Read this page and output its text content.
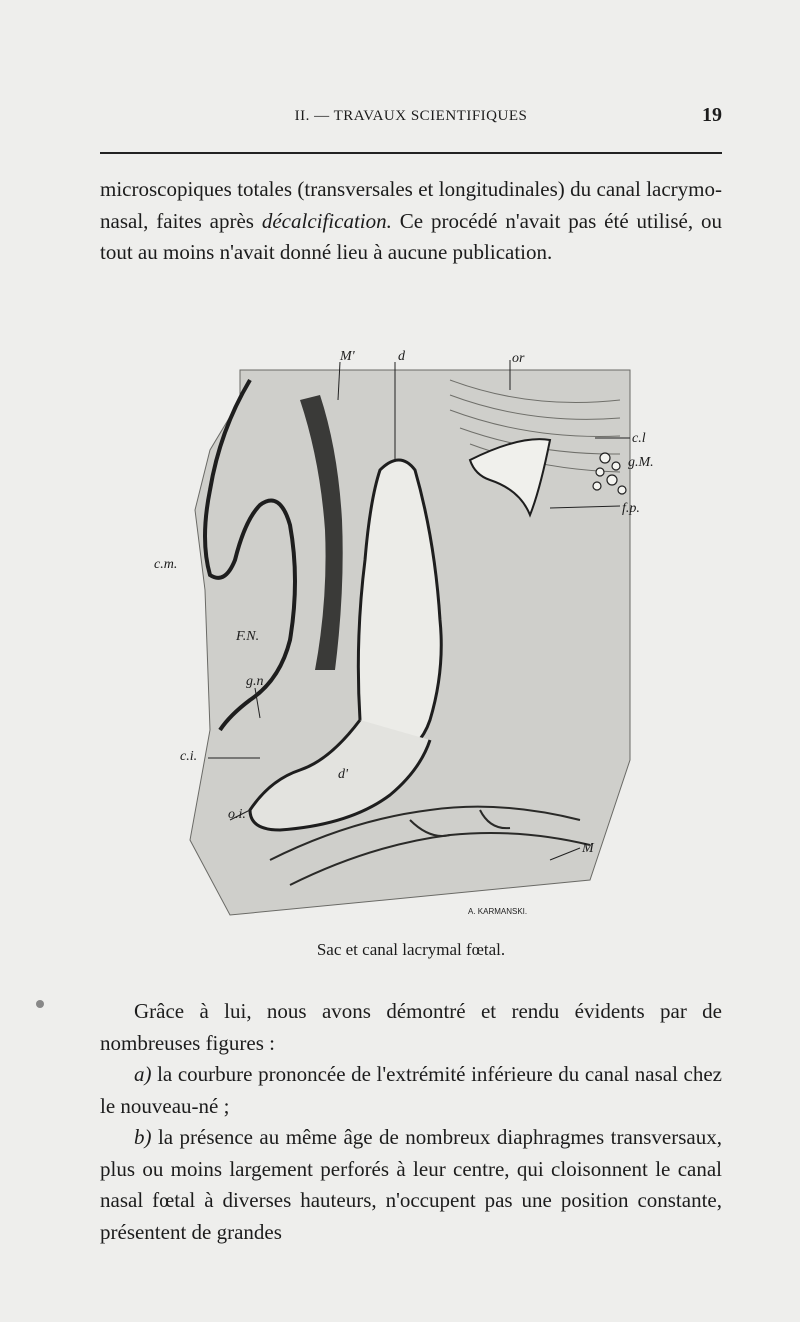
II. — TRAVAUX SCIENTIFIQUES	19

microscopiques totales (transversales et longitudinales) du canal lacrymo-nasal, faites après décalcification. Ce procédé n'avait pas été utilisé, ou tout au moins n'avait donné lieu à aucune publication.

M'	d	or
c.l
g.M.
f.p.
c.m.
F.N.
g.n
c.i.
d'
o.i.
M
A. KARMANSKI.
Sac et canal lacrymal fœtal.

Grâce à lui, nous avons démontré et rendu évidents par de nombreuses figures :

a) la courbure prononcée de l'extrémité inférieure du canal nasal chez le nouveau-né ;

b) la présence au même âge de nombreux diaphragmes transversaux, plus ou moins largement perforés à leur centre, qui cloisonnent le canal nasal fœtal à diverses hauteurs, n'occupent pas une position constante, présentent de grandes
